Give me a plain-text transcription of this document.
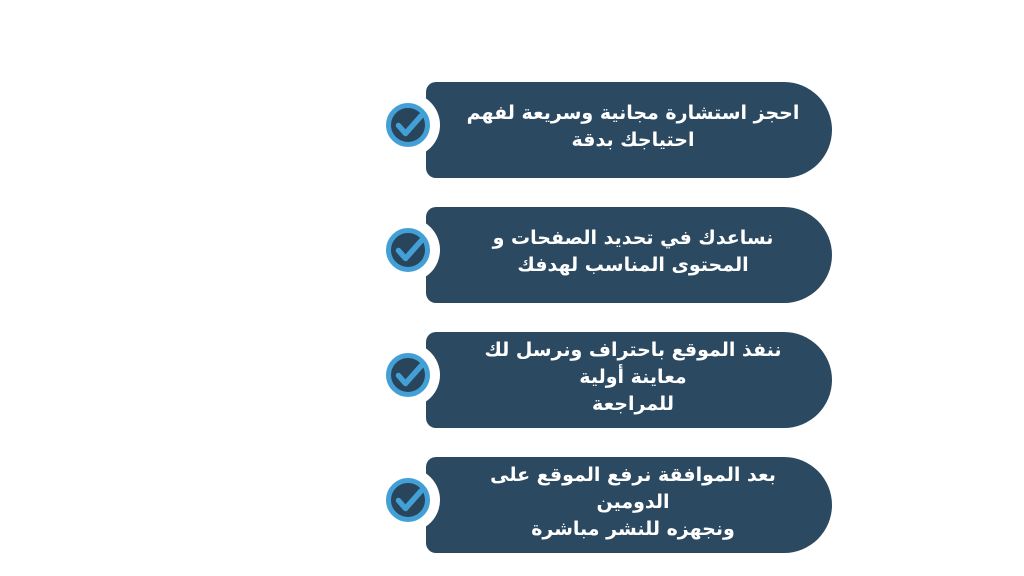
احجز استشارة مجانية وسريعة لفهم
احتياجك بدقة
نساعدك في تحديد الصفحات و
المحتوى المناسب لهدفك
ننفذ الموقع باحتراف ونرسل لك معاينة أولية
للمراجعة
بعد الموافقة نرفع الموقع على الدومين
ونجهزه للنشر مباشرة
